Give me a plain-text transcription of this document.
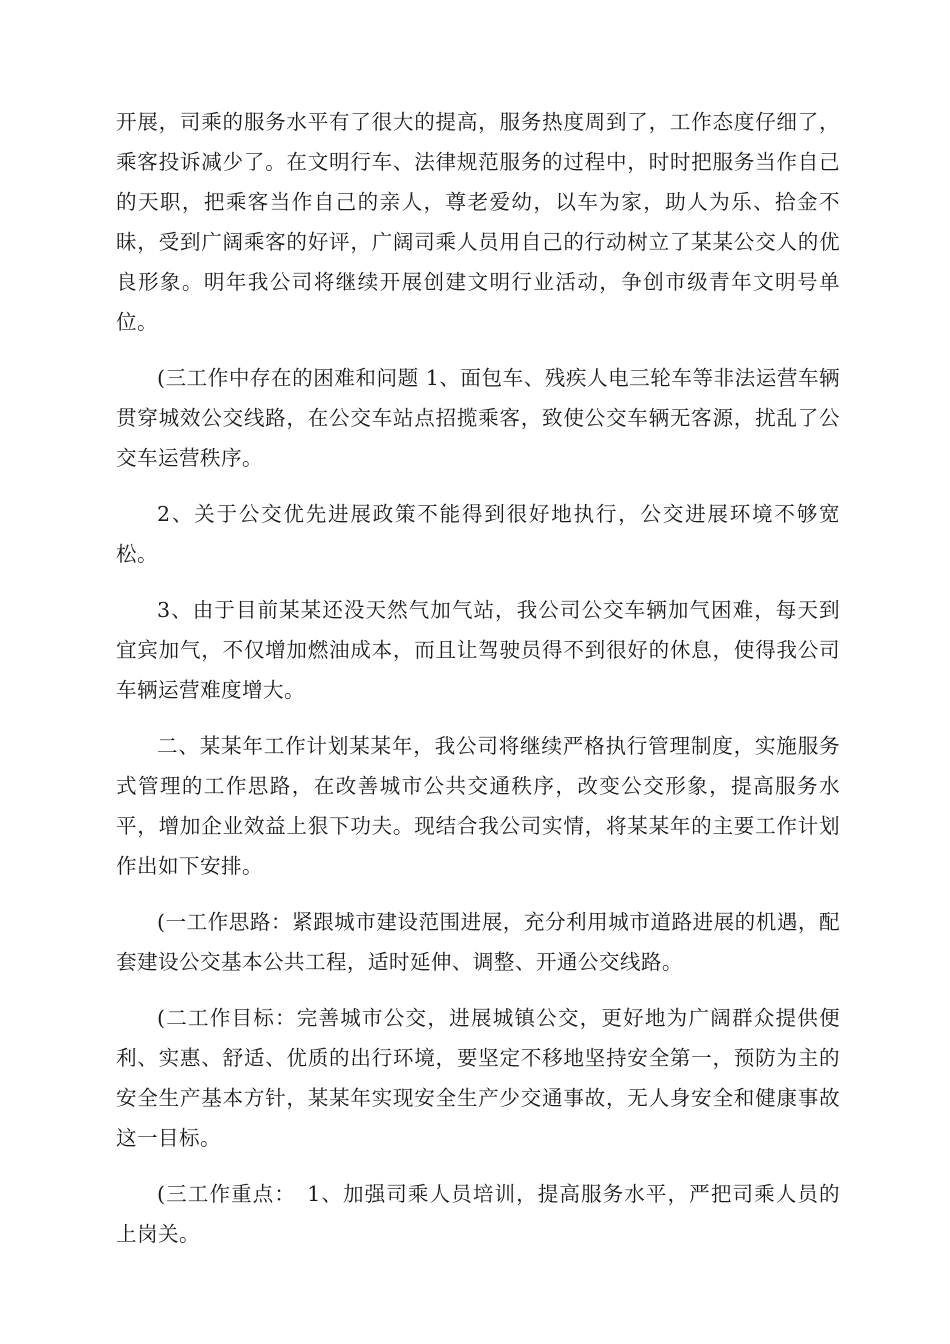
开展，司乘的服务水平有了很大的提高，服务热度周到了，工作态度仔细了，乘客投诉减少了。在文明行车、法律规范服务的过程中，时时把服务当作自己的天职，把乘客当作自己的亲人，尊老爱幼，以车为家，助人为乐、拾金不昧，受到广阔乘客的好评，广阔司乘人员用自己的行动树立了某某公交人的优良形象。明年我公司将继续开展创建文明行业活动，争创市级青年文明号单位。

(三工作中存在的困难和问题 1、面包车、残疾人电三轮车等非法运营车辆贯穿城效公交线路，在公交车站点招揽乘客，致使公交车辆无客源，扰乱了公交车运营秩序。

2、关于公交优先进展政策不能得到很好地执行，公交进展环境不够宽松。

3、由于目前某某还没天然气加气站，我公司公交车辆加气困难，每天到宜宾加气，不仅增加燃油成本，而且让驾驶员得不到很好的休息，使得我公司车辆运营难度增大。

二、某某年工作计划某某年，我公司将继续严格执行管理制度，实施服务式管理的工作思路，在改善城市公共交通秩序，改变公交形象，提高服务水平，增加企业效益上狠下功夫。现结合我公司实情，将某某年的主要工作计划作出如下安排。

(一工作思路：紧跟城市建设范围进展，充分利用城市道路进展的机遇，配套建设公交基本公共工程，适时延伸、调整、开通公交线路。

(二工作目标：完善城市公交，进展城镇公交，更好地为广阔群众提供便利、实惠、舒适、优质的出行环境，要坚定不移地坚持安全第一，预防为主的安全生产基本方针，某某年实现安全生产少交通事故，无人身安全和健康事故这一目标。

(三工作重点：　1、加强司乘人员培训，提高服务水平，严把司乘人员的上岗关。
